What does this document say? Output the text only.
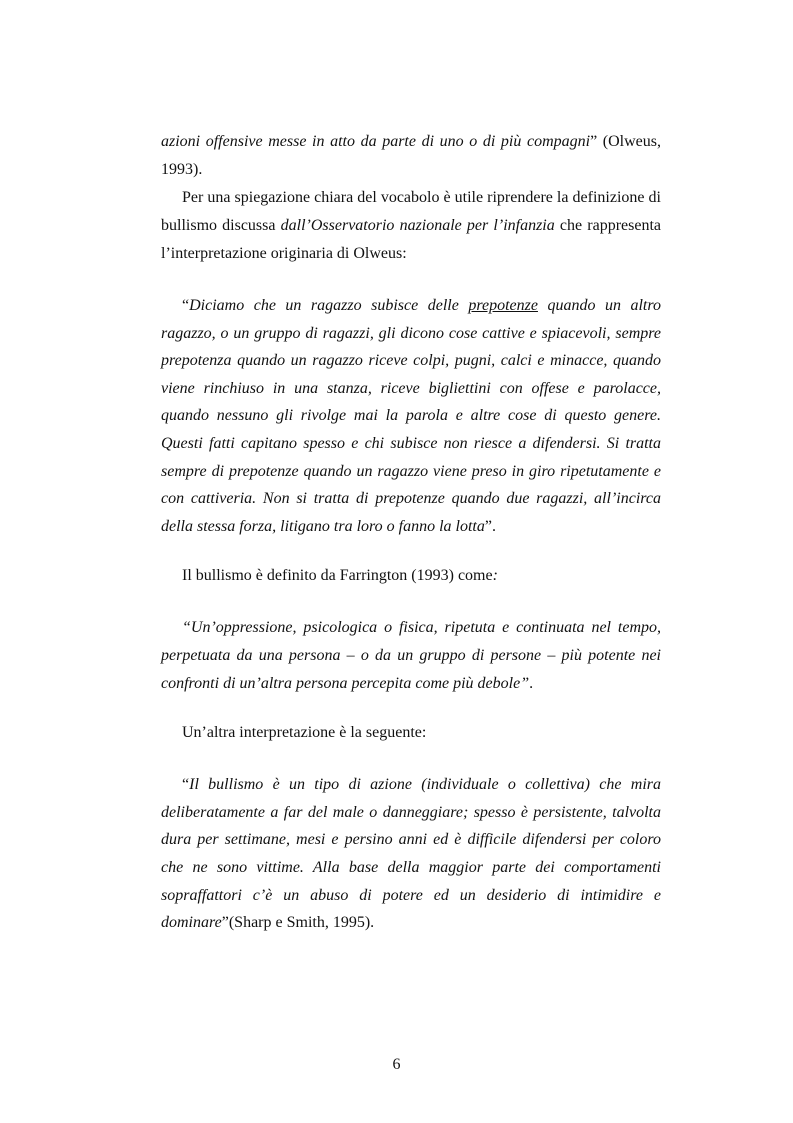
azioni offensive messe in atto da parte di uno o di più compagni” (Olweus, 1993).

Per una spiegazione chiara del vocabolo è utile riprendere la definizione di bullismo discussa dall’Osservatorio nazionale per l’infanzia che rappresenta l’interpretazione originaria di Olweus:

“Diciamo che un ragazzo subisce delle prepotenze quando un altro ragazzo, o un gruppo di ragazzi, gli dicono cose cattive e spiacevoli, sempre prepotenza quando un ragazzo riceve colpi, pugni, calci e minacce, quando viene rinchiuso in una stanza, riceve bigliettini con offese e parolacce, quando nessuno gli rivolge mai la parola e altre cose di questo genere. Questi fatti capitano spesso e chi subisce non riesce a difendersi. Si tratta sempre di prepotenze quando un ragazzo viene preso in giro ripetutamente e con cattiveria. Non si tratta di prepotenze quando due ragazzi, all’incirca della stessa forza, litigano tra loro o fanno la lotta”.

Il bullismo è definito da Farrington (1993) come:

“Un’oppressione, psicologica o fisica, ripetuta e continuata nel tempo, perpetuata da una persona – o da un gruppo di persone – più potente nei confronti di un’altra persona percepita come più debole”.

Un’altra interpretazione è la seguente:

“Il bullismo è un tipo di azione (individuale o collettiva) che mira deliberatamente a far del male o danneggiare; spesso è persistente, talvolta dura per settimane, mesi e persino anni ed è difficile difendersi per coloro che ne sono vittime. Alla base della maggior parte dei comportamenti sopraffattori c’è un abuso di potere ed un desiderio di intimidire e dominare”(Sharp e Smith, 1995).

6
